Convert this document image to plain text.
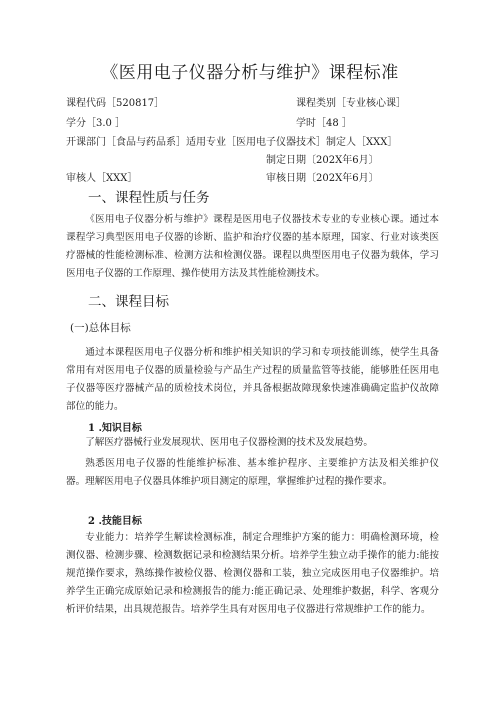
《医用电子仪器分析与维护》课程标准
课程代码［520817］	课程类别［专业核心课］
学分［3.0 ］	学时［48 ］
开课部门［食品与药品系］适用专业［医用电子仪器技术］制定人［XXX］
制定日期〔202X年6月〕
审核人［XXX］	审核日期〔202X年6月〕
一、课程性质与任务
《医用电子仪器分析与维护》课程是医用电子仪器技术专业的专业核心课。通过本课程学习典型医用电子仪器的诊断、监护和治疗仪器的基本原理，国家、行业对该类医疗器械的性能检测标准、检测方法和检测仪器。课程以典型医用电子仪器为载体，学习医用电子仪器的工作原理、操作使用方法及其性能检测技术。
二、课程目标
(一)总体目标
通过本课程医用电子仪器分析和维护相关知识的学习和专项技能训练，使学生具备常用有对医用电子仪器的质量检验与产品生产过程的质量监管等技能，能够胜任医用电子仪器等医疗器械产品的质检技术岗位，并具备根据故障现象快速准确确定监护仪故障部位的能力。
1 .知识目标
了解医疗器械行业发展现状、医用电子仪器检测的技术及发展趋势。
熟悉医用电子仪器的性能维护标准、基本维护程序、主要维护方法及相关维护仪器。理解医用电子仪器具体维护项目测定的原理，掌握维护过程的操作要求。
2 .技能目标
专业能力：培养学生解读检测标准，制定合理维护方案的能力：明确检测环境，检测仪器、检测步骤、检测数据记录和检测结果分析。培养学生独立动手操作的能力:能按规范操作要求，熟练操作被检仪器、检测仪器和工装，独立完成医用电子仪器维护。培养学生正确完成原始记录和检测报告的能力:能正确记录、处理维护数据，科学、客观分析评价结果，出具规范报告。培养学生具有对医用电子仪器进行常规维护工作的能力。
